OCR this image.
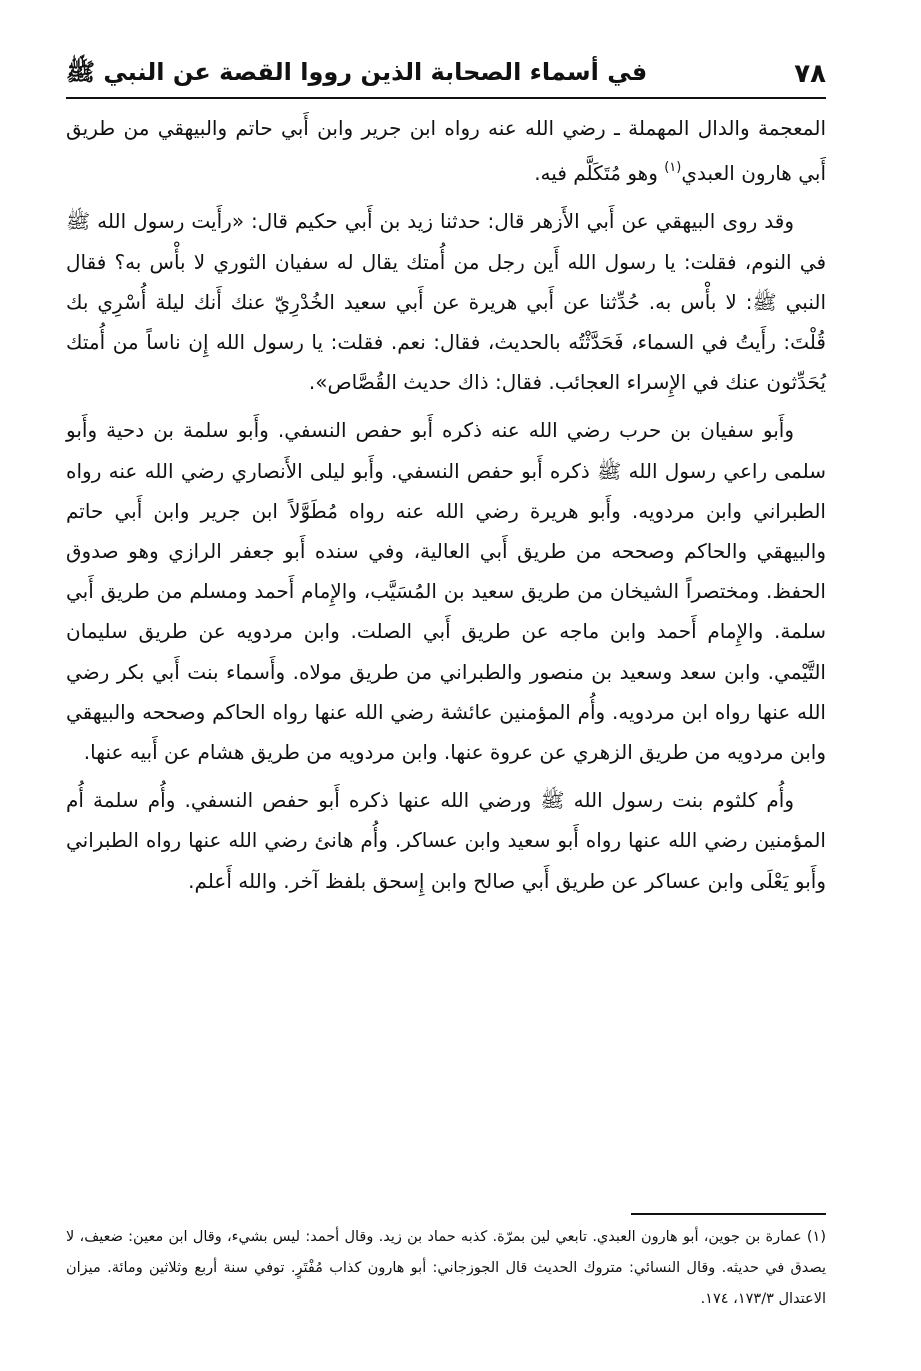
٧٨
في أسماء الصحابة الذين رووا القصة عن النبي ﷺ

المعجمة والدال المهملة ـ رضي الله عنه رواه ابن جرير وابن أَبي حاتم والبيهقي من طريق أَبي هارون العبدي$^{(١)}$ وهو مُتَكَلَّم فيه.

وقد روى البيهقي عن أَبي الأَزهر قال: حدثنا زيد بن أَبي حكيم قال: «رأَيت رسول الله ﷺ في النوم، فقلت: يا رسول الله أَين رجل من أُمتك يقال له سفيان الثوري لا بأْس به؟ فقال النبي ﷺ: لا بأْس به. حُدِّثنا عن أَبي هريرة عن أَبي سعيد الخُدْرِيّ عنك أَنك ليلة أُسْرِي بك قُلْتَ: رأَيتُ في السماء، فَحَدَّثْتُه بالحديث، فقال: نعم. فقلت: يا رسول الله إِن ناساً من أُمتك يُحَدِّثون عنك في الإِسراء العجائب. فقال: ذاك حديث القُصَّاص».

وأَبو سفيان بن حرب رضي الله عنه ذكره أَبو حفص النسفي. وأَبو سلمة بن دحية وأَبو سلمى راعي رسول الله ﷺ ذكره أَبو حفص النسفي. وأَبو ليلى الأَنصاري رضي الله عنه رواه الطبراني وابن مردويه. وأَبو هريرة رضي الله عنه رواه مُطَوَّلاً ابن جرير وابن أَبي حاتم والبيهقي والحاكم وصححه من طريق أَبي العالية، وفي سنده أَبو جعفر الرازي وهو صدوق الحفظ. ومختصراً الشيخان من طريق سعيد بن المُسَيَّب، والإِمام أَحمد ومسلم من طريق أَبي سلمة. والإِمام أَحمد وابن ماجه عن طريق أَبي الصلت. وابن مردويه عن طريق سليمان التَّيْمي. وابن سعد وسعيد بن منصور والطبراني من طريق مولاه. وأَسماء بنت أَبي بكر رضي الله عنها رواه ابن مردويه. وأُم المؤمنين عائشة رضي الله عنها رواه الحاكم وصححه والبيهقي وابن مردويه من طريق الزهري عن عروة عنها. وابن مردويه من طريق هشام عن أَبيه عنها.

وأُم كلثوم بنت رسول الله ﷺ ورضي الله عنها ذكره أَبو حفص النسفي. وأُم سلمة أُم المؤمنين رضي الله عنها رواه أَبو سعيد وابن عساكر. وأُم هانئ رضي الله عنها رواه الطبراني وأَبو يَعْلَى وابن عساكر عن طريق أَبي صالح وابن إِسحق بلفظ آخر. والله أَعلم.

(١) عمارة بن جوين، أبو هارون العبدي. تابعي لين بمرّة. كذبه حماد بن زيد. وقال أحمد: ليس بشيء، وقال ابن معين: ضعيف، لا يصدق في حديثه. وقال النسائي: متروك الحديث قال الجوزجاني: أبو هارون كذاب مُفْتَرٍ. توفي سنة أربع وثلاثين ومائة. ميزان الاعتدال ١٧٣/٣، ١٧٤.
